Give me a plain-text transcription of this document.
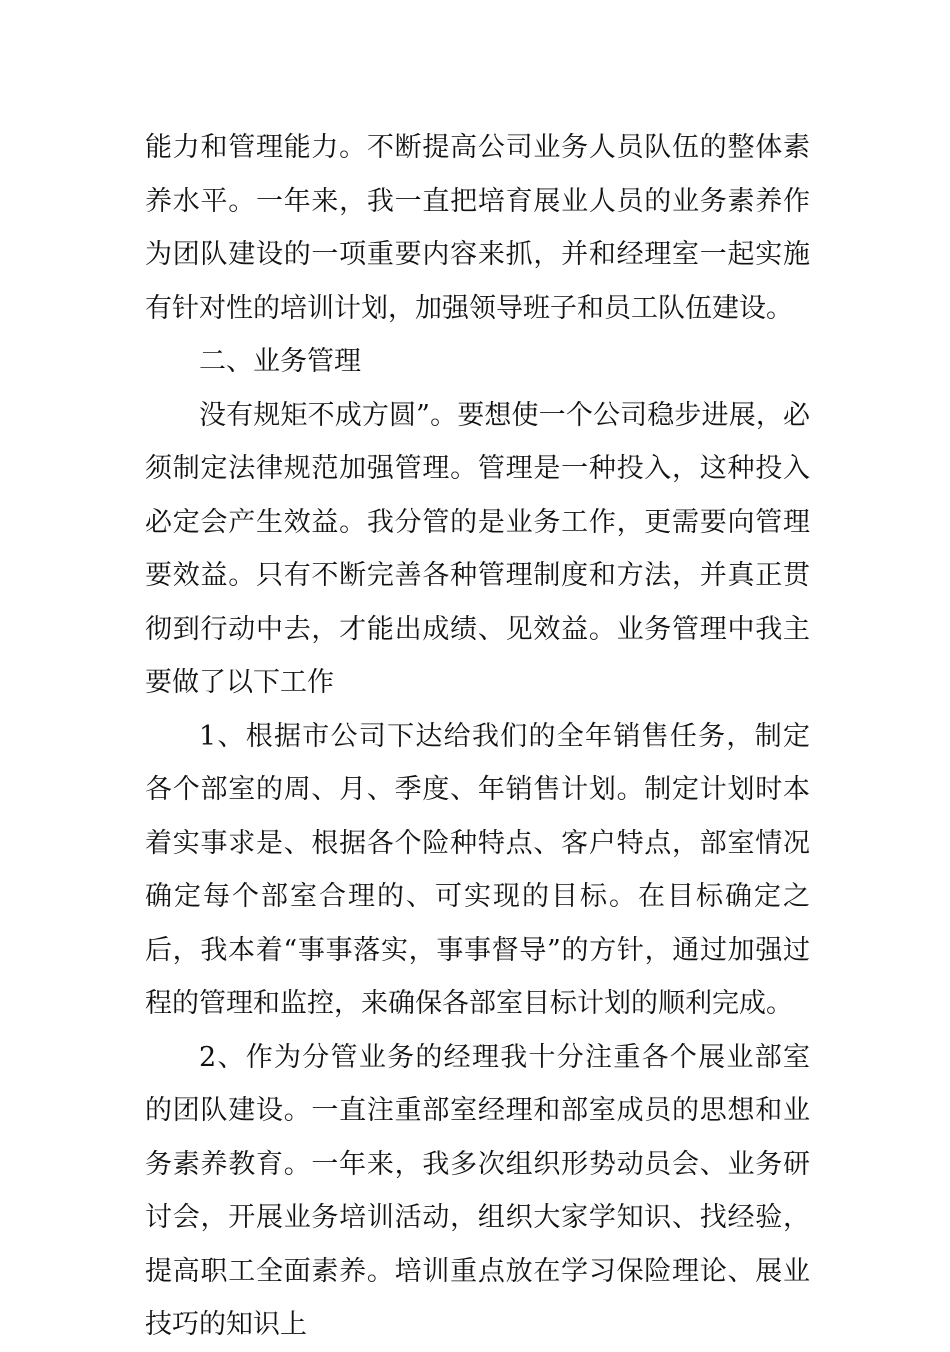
能力和管理能力。不断提高公司业务人员队伍的整体素养水平。一年来，我一直把培育展业人员的业务素养作为团队建设的一项重要内容来抓，并和经理室一起实施有针对性的培训计划，加强领导班子和员工队伍建设。

二、业务管理

没有规矩不成方圆”。要想使一个公司稳步进展，必须制定法律规范加强管理。管理是一种投入，这种投入必定会产生效益。我分管的是业务工作，更需要向管理要效益。只有不断完善各种管理制度和方法，并真正贯彻到行动中去，才能出成绩、见效益。业务管理中我主要做了以下工作

1、根据市公司下达给我们的全年销售任务，制定各个部室的周、月、季度、年销售计划。制定计划时本着实事求是、根据各个险种特点、客户特点，部室情况确定每个部室合理的、可实现的目标。在目标确定之后，我本着“事事落实，事事督导”的方针，通过加强过程的管理和监控，来确保各部室目标计划的顺利完成。

2、作为分管业务的经理我十分注重各个展业部室的团队建设。一直注重部室经理和部室成员的思想和业务素养教育。一年来，我多次组织形势动员会、业务研讨会，开展业务培训活动，组织大家学知识、找经验，提高职工全面素养。培训重点放在学习保险理论、展业技巧的知识上
